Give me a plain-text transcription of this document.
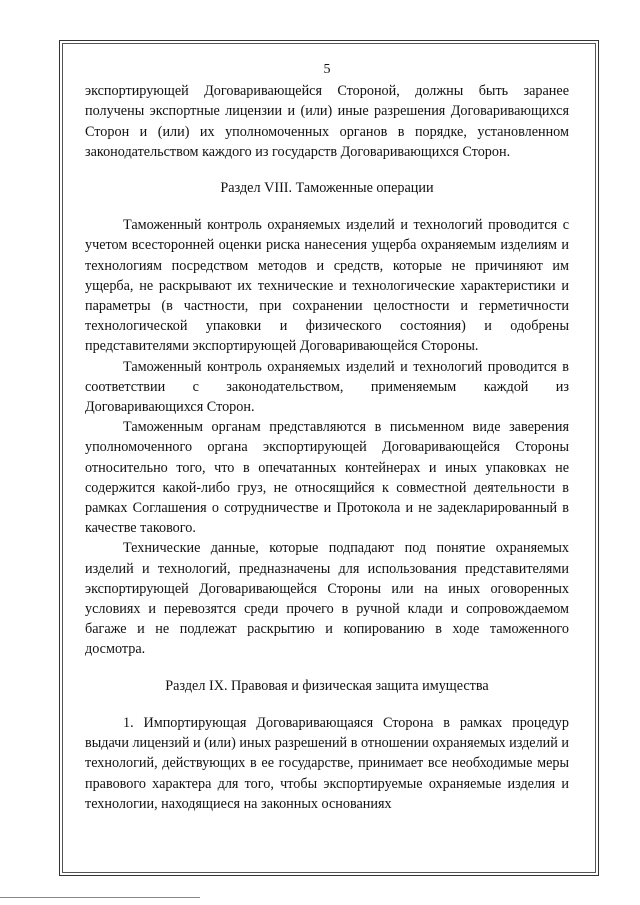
5

экспортирующей Договаривающейся Стороной, должны быть заранее получены экспортные лицензии и (или) иные разрешения Договаривающихся Сторон и (или) их уполномоченных органов в порядке, установленном законодательством каждого из государств Договаривающихся Сторон.

Раздел VIII. Таможенные операции

Таможенный контроль охраняемых изделий и технологий проводится с учетом всесторонней оценки риска нанесения ущерба охраняемым изделиям и технологиям посредством методов и средств, которые не причиняют им ущерба, не раскрывают их технические и технологические характеристики и параметры (в частности, при сохранении целостности и герметичности технологической упаковки и физического состояния) и одобрены представителями экспортирующей Договаривающейся Стороны.

Таможенный контроль охраняемых изделий и технологий проводится в соответствии с законодательством, применяемым каждой из Договаривающихся Сторон.

Таможенным органам представляются в письменном виде заверения уполномоченного органа экспортирующей Договаривающейся Стороны относительно того, что в опечатанных контейнерах и иных упаковках не содержится какой-либо груз, не относящийся к совместной деятельности в рамках Соглашения о сотрудничестве и Протокола и не задекларированный в качестве такового.

Технические данные, которые подпадают под понятие охраняемых изделий и технологий, предназначены для использования представителями экспортирующей Договаривающейся Стороны или на иных оговоренных условиях и перевозятся среди прочего в ручной клади и сопровождаемом багаже и не подлежат раскрытию и копированию в ходе таможенного досмотра.

Раздел IX. Правовая и физическая защита имущества

1. Импортирующая Договаривающаяся Сторона в рамках процедур выдачи лицензий и (или) иных разрешений в отношении охраняемых изделий и технологий, действующих в ее государстве, принимает все необходимые меры правового характера для того, чтобы экспортируемые охраняемые изделия и технологии, находящиеся на законных основаниях
